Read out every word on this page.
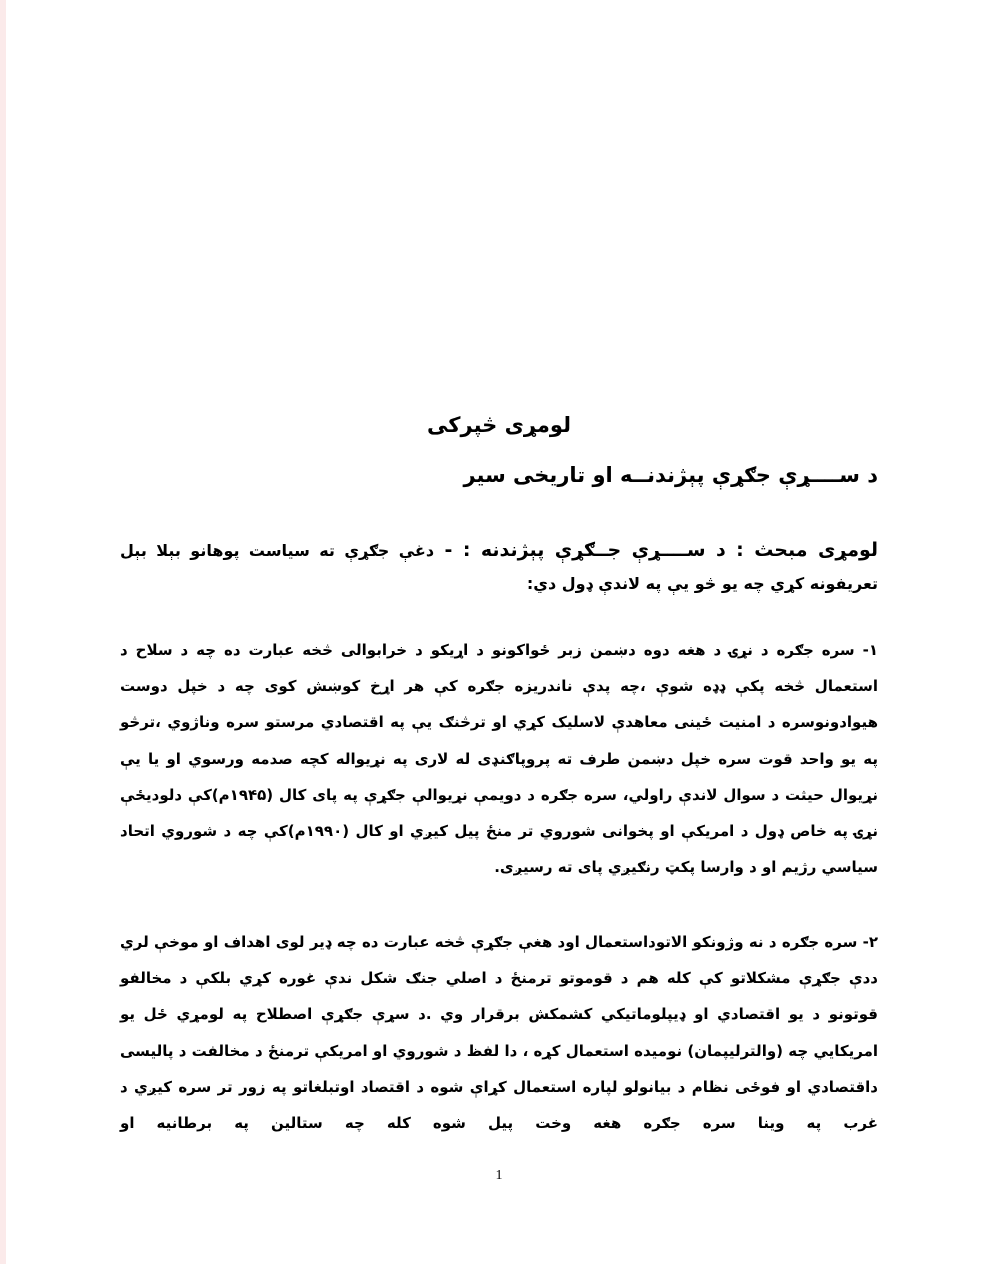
لومړی څپرکی
د ســــړې جګړې پېژندنــه او تاريخی سير

لومړی مبحث : د ســــړې جــګړې پېژندنه : - دغې جګړې ته سياست پوهانو بېلا بېل تعريفونه کړي چه يو څو يې په لاندې ډول دي:

۱- سره جګره د نړۍ د هغه دوه دښمن زبر ځواکونو د اړيکو د خرابوالی څخه عبارت ده چه د سلاح د استعمال څخه پکې ډډه شوې ،چه پدې ناندريزه جګره کې هر اړخ کوښش کوی چه د خپل دوست هيوادونوسره د امنيت ځينی معاهدې لاسليک کړي او ترڅنګ يې په اقتصادي مرستو سره وناژوي ،ترڅو په يو واحد قوت سره خپل دښمن طرف ته پروپاګنډی له لاری په نړيواله کچه صدمه ورسوي او يا يې نړيوال حيثت د سوال لاندې راولي، سره جګره د دويمې نړيوالې جګړې په پای کال (۱۹۴۵م)کې دلوديځې نړۍ په خاص ډول د امريکې او پخوانی شوروي تر منځ پيل کيږي او کال (۱۹۹۰م)کې چه د شوروي اتحاد سياسي رژيم او د وارسا پکټ رنګيږي پای ته رسيږی.

۲- سره جګره د نه وژونکو الاتوداستعمال اود هغې جګړې څخه عبارت ده چه ډير لوی اهداف او موخې لري ددې جګړې مشکلاتو کې کله هم د قوموتو ترمنځ د اصلي جنګ شکل ندې غوره کړي بلکې د مخالفو قوتونو د يو اقتصادي او ډيپلوماتيکي کشمکش برقرار وي .د سړې جګړې اصطلاح په لومړي ځل يو امريکايي چه (والترليپمان) نوميده استعمال کړه ، دا لفظ د شوروي او امريکې ترمنځ د مخالفت د پاليسی داقتصادي او فوځی نظام د بيانولو لپاره استعمال کړاې شوه د اقتصاد اوتبلغاتو په زور تر سره کيږي د غرب په وينا سره جګره هغه وخت پيل شوه کله چه ستالين په برطانيه او

1
